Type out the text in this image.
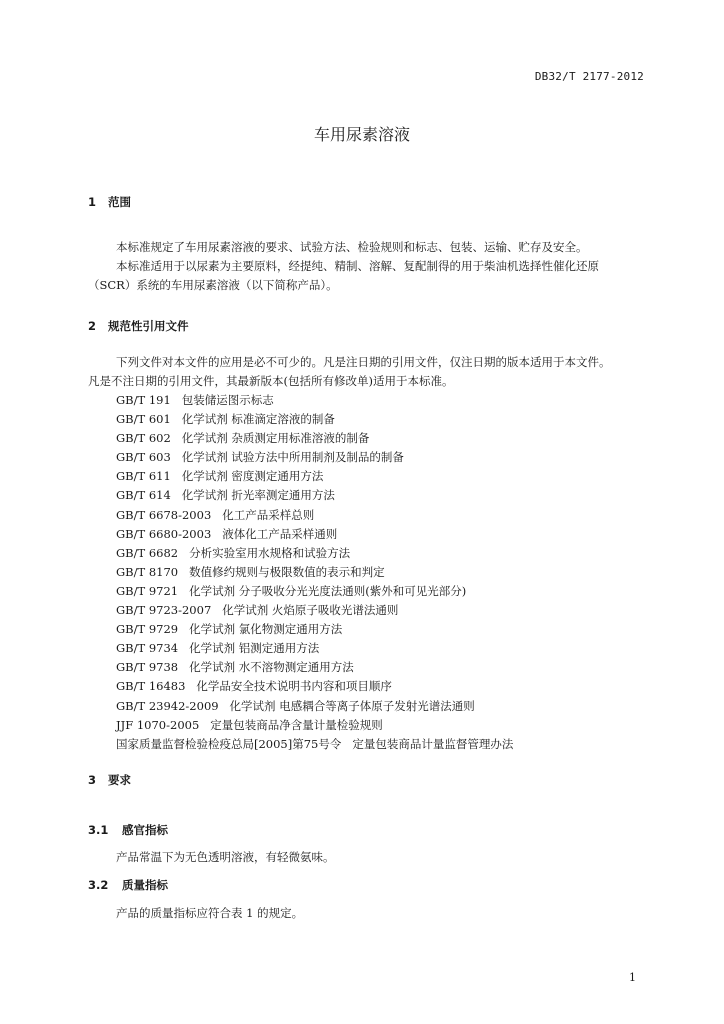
DB32/T 2177-2012
车用尿素溶液
1 范围
本标准规定了车用尿素溶液的要求、试验方法、检验规则和标志、包装、运输、贮存及安全。
本标准适用于以尿素为主要原料，经提纯、精制、溶解、复配制得的用于柴油机选择性催化还原
（SCR）系统的车用尿素溶液（以下简称产品）。
2 规范性引用文件
下列文件对本文件的应用是必不可少的。凡是注日期的引用文件，仅注日期的版本适用于本文件。
凡是不注日期的引用文件，其最新版本(包括所有修改单)适用于本标准。
GB/T 191   包装储运图示标志
GB/T 601   化学试剂 标准滴定溶液的制备
GB/T 602   化学试剂 杂质测定用标准溶液的制备
GB/T 603   化学试剂 试验方法中所用制剂及制品的制备
GB/T 611   化学试剂 密度测定通用方法
GB/T 614   化学试剂 折光率测定通用方法
GB/T 6678-2003   化工产品采样总则
GB/T 6680-2003   液体化工产品采样通则
GB/T 6682   分析实验室用水规格和试验方法
GB/T 8170   数值修约规则与极限数值的表示和判定
GB/T 9721   化学试剂 分子吸收分光光度法通则(紫外和可见光部分)
GB/T 9723-2007   化学试剂 火焰原子吸收光谱法通则
GB/T 9729   化学试剂 氯化物测定通用方法
GB/T 9734   化学试剂 铝测定通用方法
GB/T 9738   化学试剂 水不溶物测定通用方法
GB/T 16483   化学品安全技术说明书内容和项目顺序
GB/T 23942-2009   化学试剂 电感耦合等离子体原子发射光谱法通则
JJF 1070-2005   定量包装商品净含量计量检验规则
国家质量监督检验检疫总局[2005]第75号令   定量包装商品计量监督管理办法
3 要求
3.1 感官指标
产品常温下为无色透明溶液，有轻微氨味。
3.2 质量指标
产品的质量指标应符合表 1 的规定。
1
